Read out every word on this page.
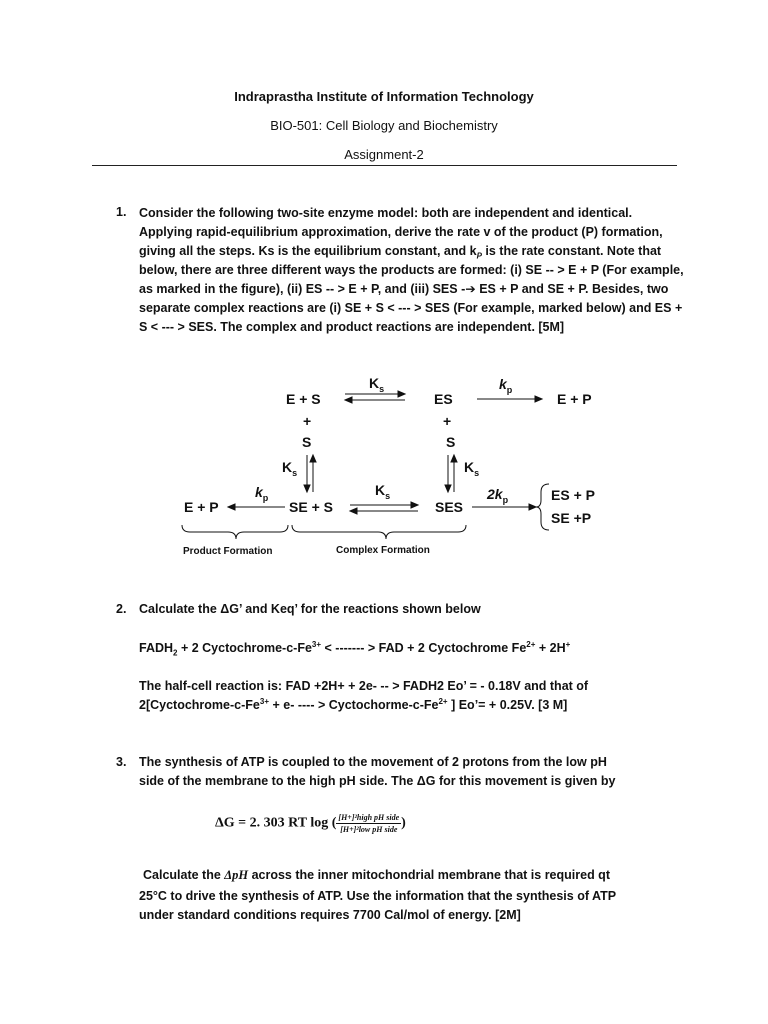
Indraprastha Institute of Information Technology
BIO-501: Cell Biology and Biochemistry
Assignment-2
1. Consider the following two-site enzyme model: both are independent and identical. Applying rapid-equilibrium approximation, derive the rate v of the product (P) formation, giving all the steps. Ks is the equilibrium constant, and $k_P$ is the rate constant. Note that below, there are three different ways the products are formed: (i) SE -- > E + P (For example, as marked in the figure), (ii) ES -- > E + P, and (iii) SES -➔ ES + P and SE + P. Besides, two separate complex reactions are (i) SE + S < --- > SES (For example, marked below) and ES + S < --- > SES. The complex and product reactions are independent. [5M]
E + S	ES	E + P
+	+
S	S
E + P	SE + S	SES
ES + P
SE +P
$K_s$	$k_p$
$K_s$	$K_s$
$k_p$	$K_s$	$2k_p$
Product Formation	Complex Formation
2. Calculate the ΔG’ and Keq’ for the reactions shown below
$FADH_2 + 2$ Cyctochrome-$c-Fe^{3+}$ < ------- > FAD + 2 Cyctochrome $Fe^{2+} + 2H^+$
The half-cell reaction is: FAD +2H+ + 2e- -- > FADH2 Eo’ = - 0.18V and that of
$2[Cyctochrome-c-Fe^{3+} + e-$ ---- > Cyctochorme-$c-Fe^{2+}$ ] Eo’= + 0.25V. [3 M]
3. The synthesis of ATP is coupled to the movement of 2 protons from the low pH
side of the membrane to the high pH side. The ΔG for this movement is given by
ΔG = 2. 303 RT log ( $\frac{\text{[H+]²high pH side}}{\text{[H+]²low pH side}}$ )
Calculate the ΔpH across the inner mitochondrial membrane that is required qt
25°C to drive the synthesis of ATP. Use the information that the synthesis of ATP
under standard conditions requires 7700 Cal/mol of energy. [2M]
